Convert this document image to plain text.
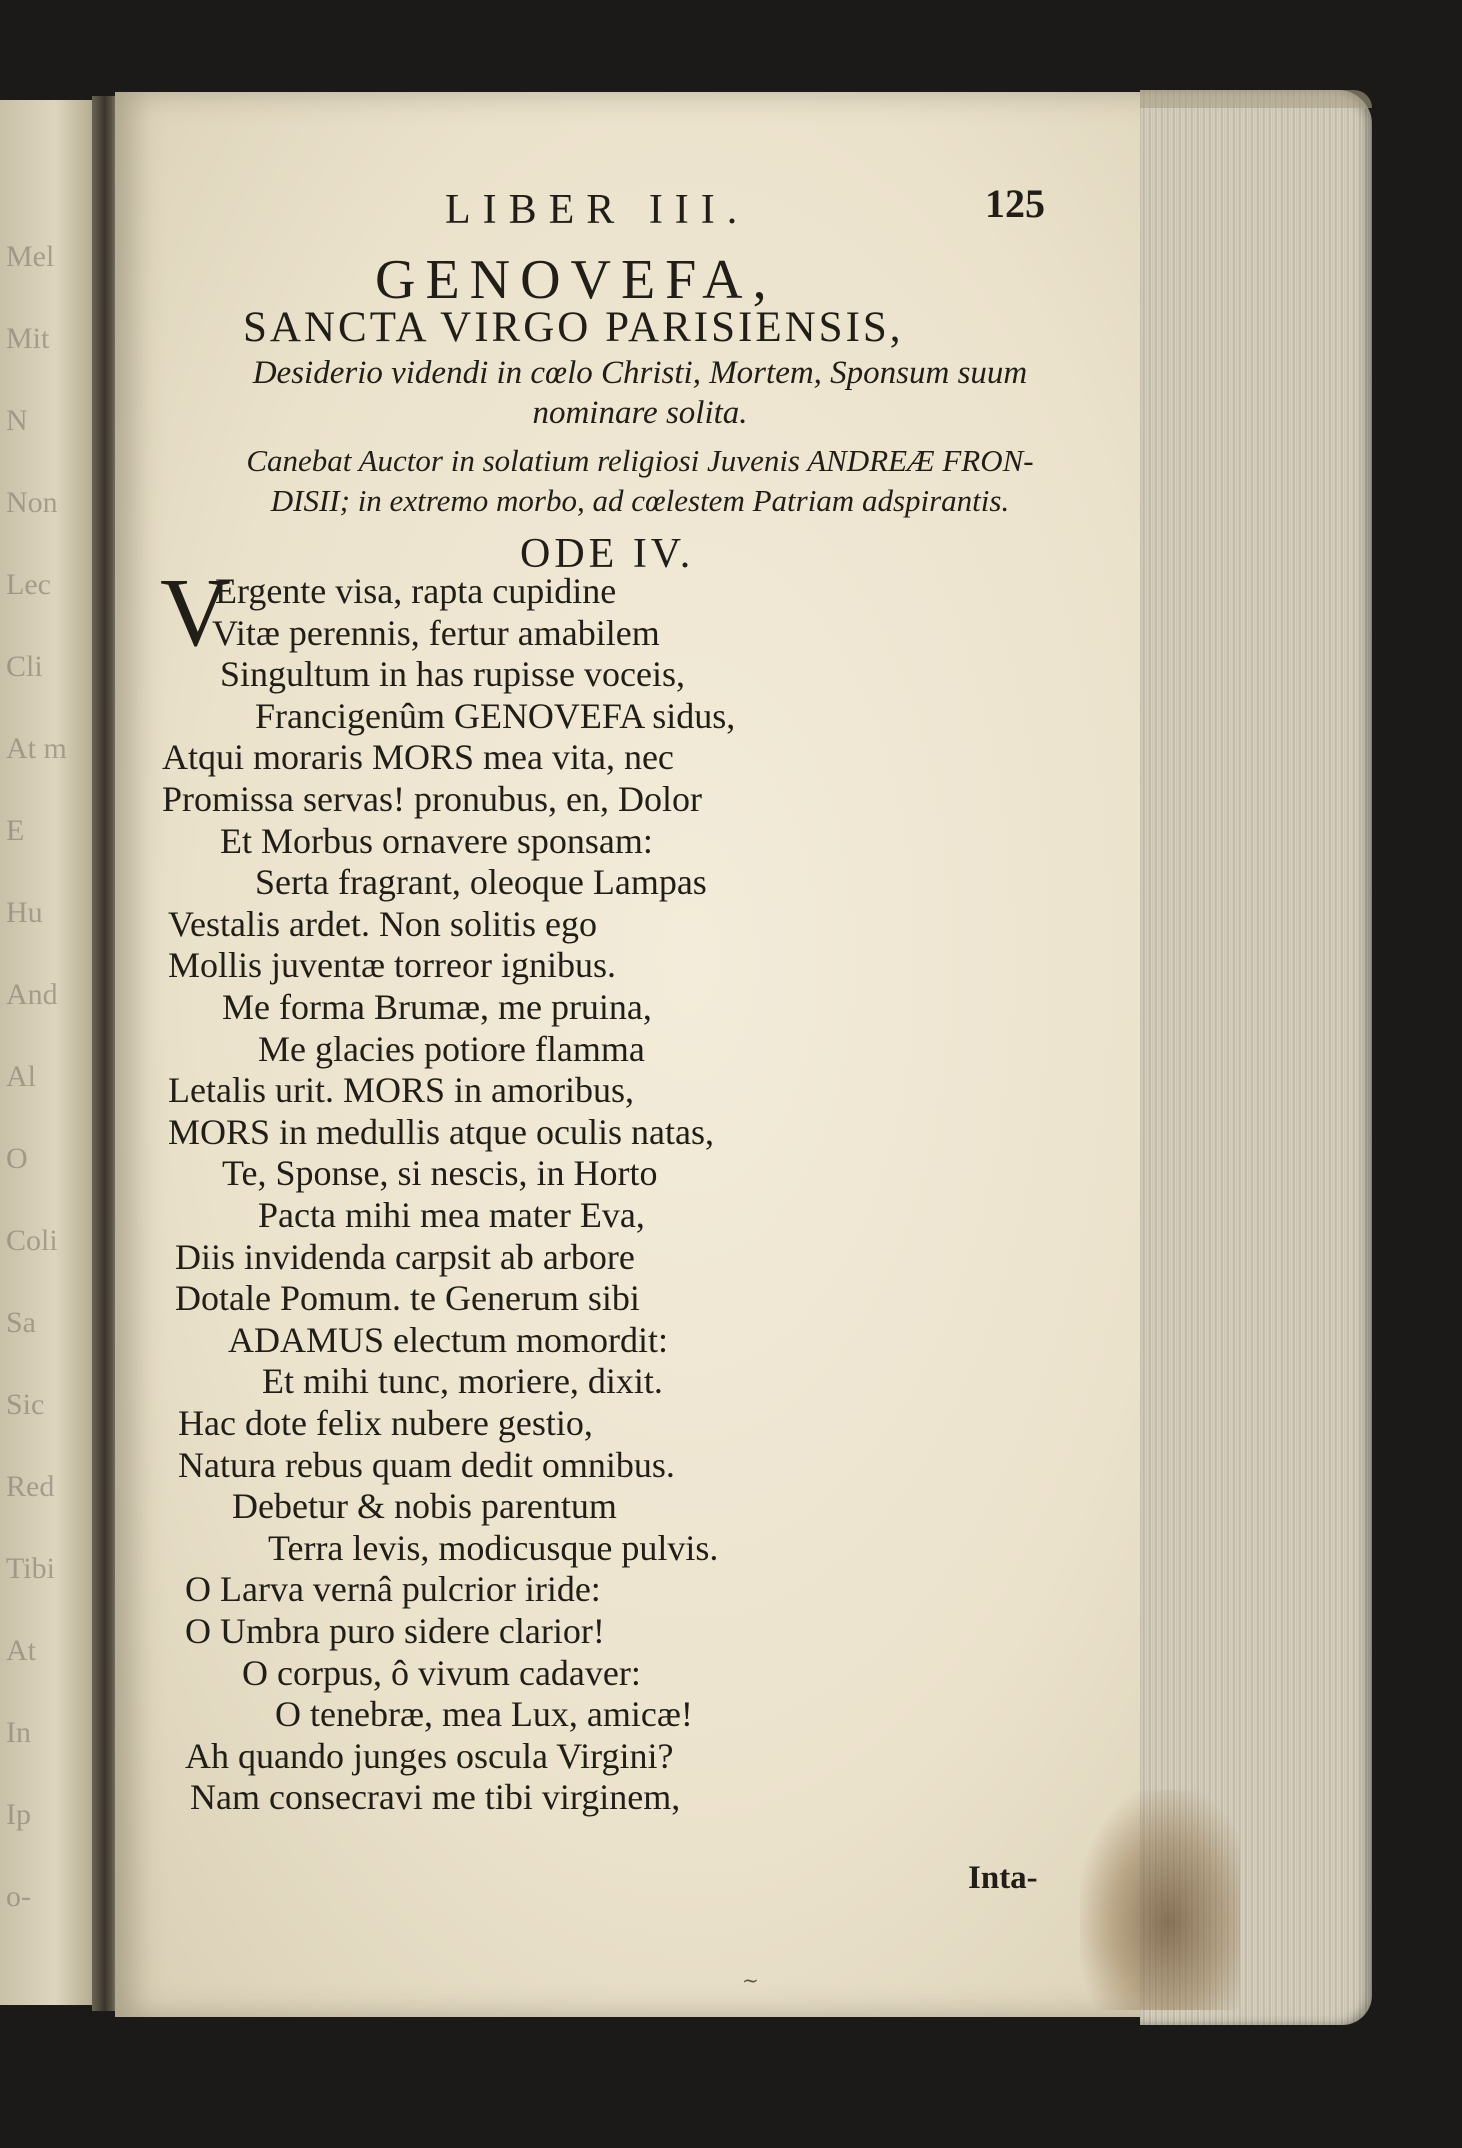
Mel
Mit
N
Non
Lec
Cli
At m
E
Hu
And
Al
O
Coli
Sa
Sic
Red
Tibi
At
In
Ip
o-
LIBER III.	125
GENOVEFA,
SANCTA VIRGO PARISIENSIS,
Desiderio videndi in cœlo Christi, Mortem, Sponsum suum
nominare solita.
Canebat Auctor in solatium religiosi Juvenis ANDREÆ FRON-
DISII; in extremo morbo, ad cœlestem Patriam adspirantis.
ODE IV.
V
Ergente visa, rapta cupidine
Vitæ perennis, fertur amabilem
Singultum in has rupisse voceis,
Francigenûm GENOVEFA sidus,
Atqui moraris MORS mea vita, nec
Promissa servas! pronubus, en, Dolor
Et Morbus ornavere sponsam:
Serta fragrant, oleoque Lampas
Vestalis ardet. Non solitis ego
Mollis juventæ torreor ignibus.
Me forma Brumæ, me pruina,
Me glacies potiore flamma
Letalis urit. MORS in amoribus,
MORS in medullis atque oculis natas,
Te, Sponse, si nescis, in Horto
Pacta mihi mea mater Eva,
Diis invidenda carpsit ab arbore
Dotale Pomum. te Generum sibi
ADAMUS electum momordit:
Et mihi tunc, moriere, dixit.
Hac dote felix nubere gestio,
Natura rebus quam dedit omnibus.
Debetur & nobis parentum
Terra levis, modicusque pulvis.
O Larva vernâ pulcrior iride:
O Umbra puro sidere clarior!
O corpus, ô vivum cadaver:
O tenebræ, mea Lux, amicæ!
Ah quando junges oscula Virgini?
Nam consecravi me tibi virginem,
Inta-
~
